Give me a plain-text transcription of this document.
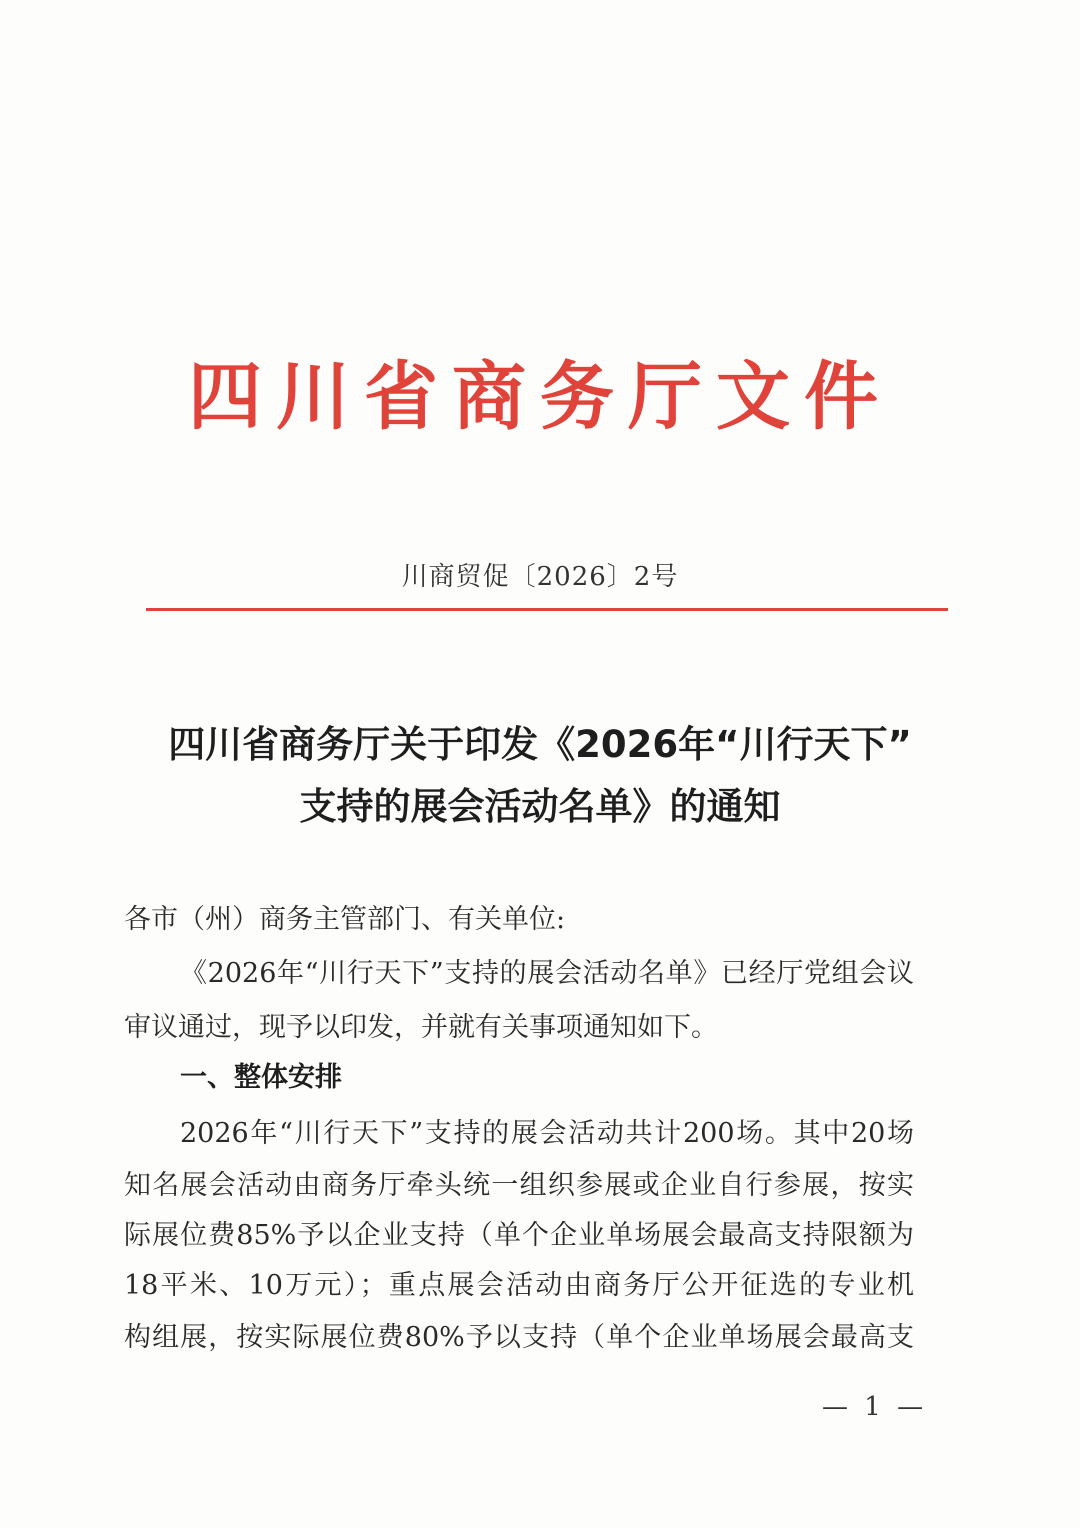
四川省商务厅文件
川商贸促〔2026〕2号
四川省商务厅关于印发《2026年“川行天下”
支持的展会活动名单》的通知
各市（州）商务主管部门、有关单位:
《2026年“川行天下”支持的展会活动名单》已经厅党组会议
审议通过，现予以印发，并就有关事项通知如下。
一、整体安排
2026年“川行天下”支持的展会活动共计200场。其中20场
知名展会活动由商务厅牵头统一组织参展或企业自行参展，按实
际展位费85%予以企业支持（单个企业单场展会最高支持限额为
18平米、10万元）；重点展会活动由商务厅公开征选的专业机
构组展，按实际展位费80%予以支持（单个企业单场展会最高支
— 1 —
